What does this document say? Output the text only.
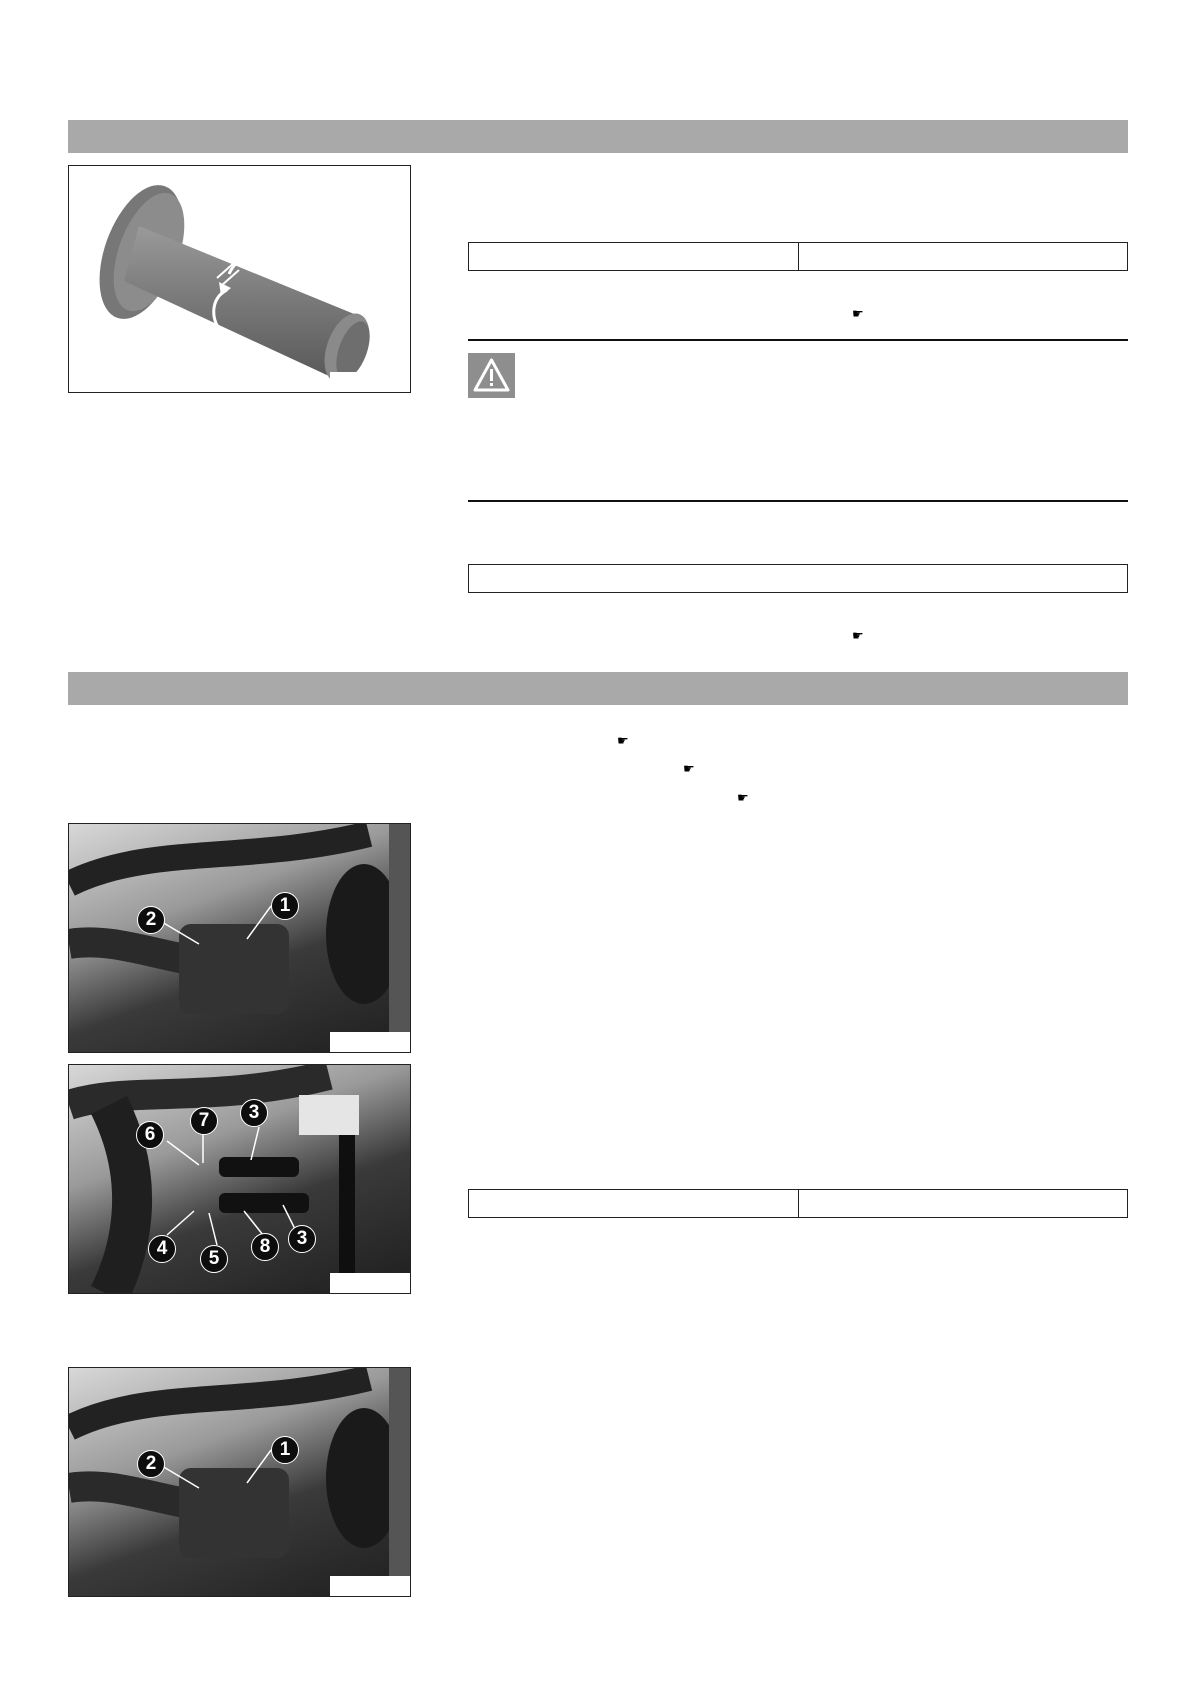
☛
☛
☛
☛
☛
2
1
6
7	3
4	5
8	3
2
1
